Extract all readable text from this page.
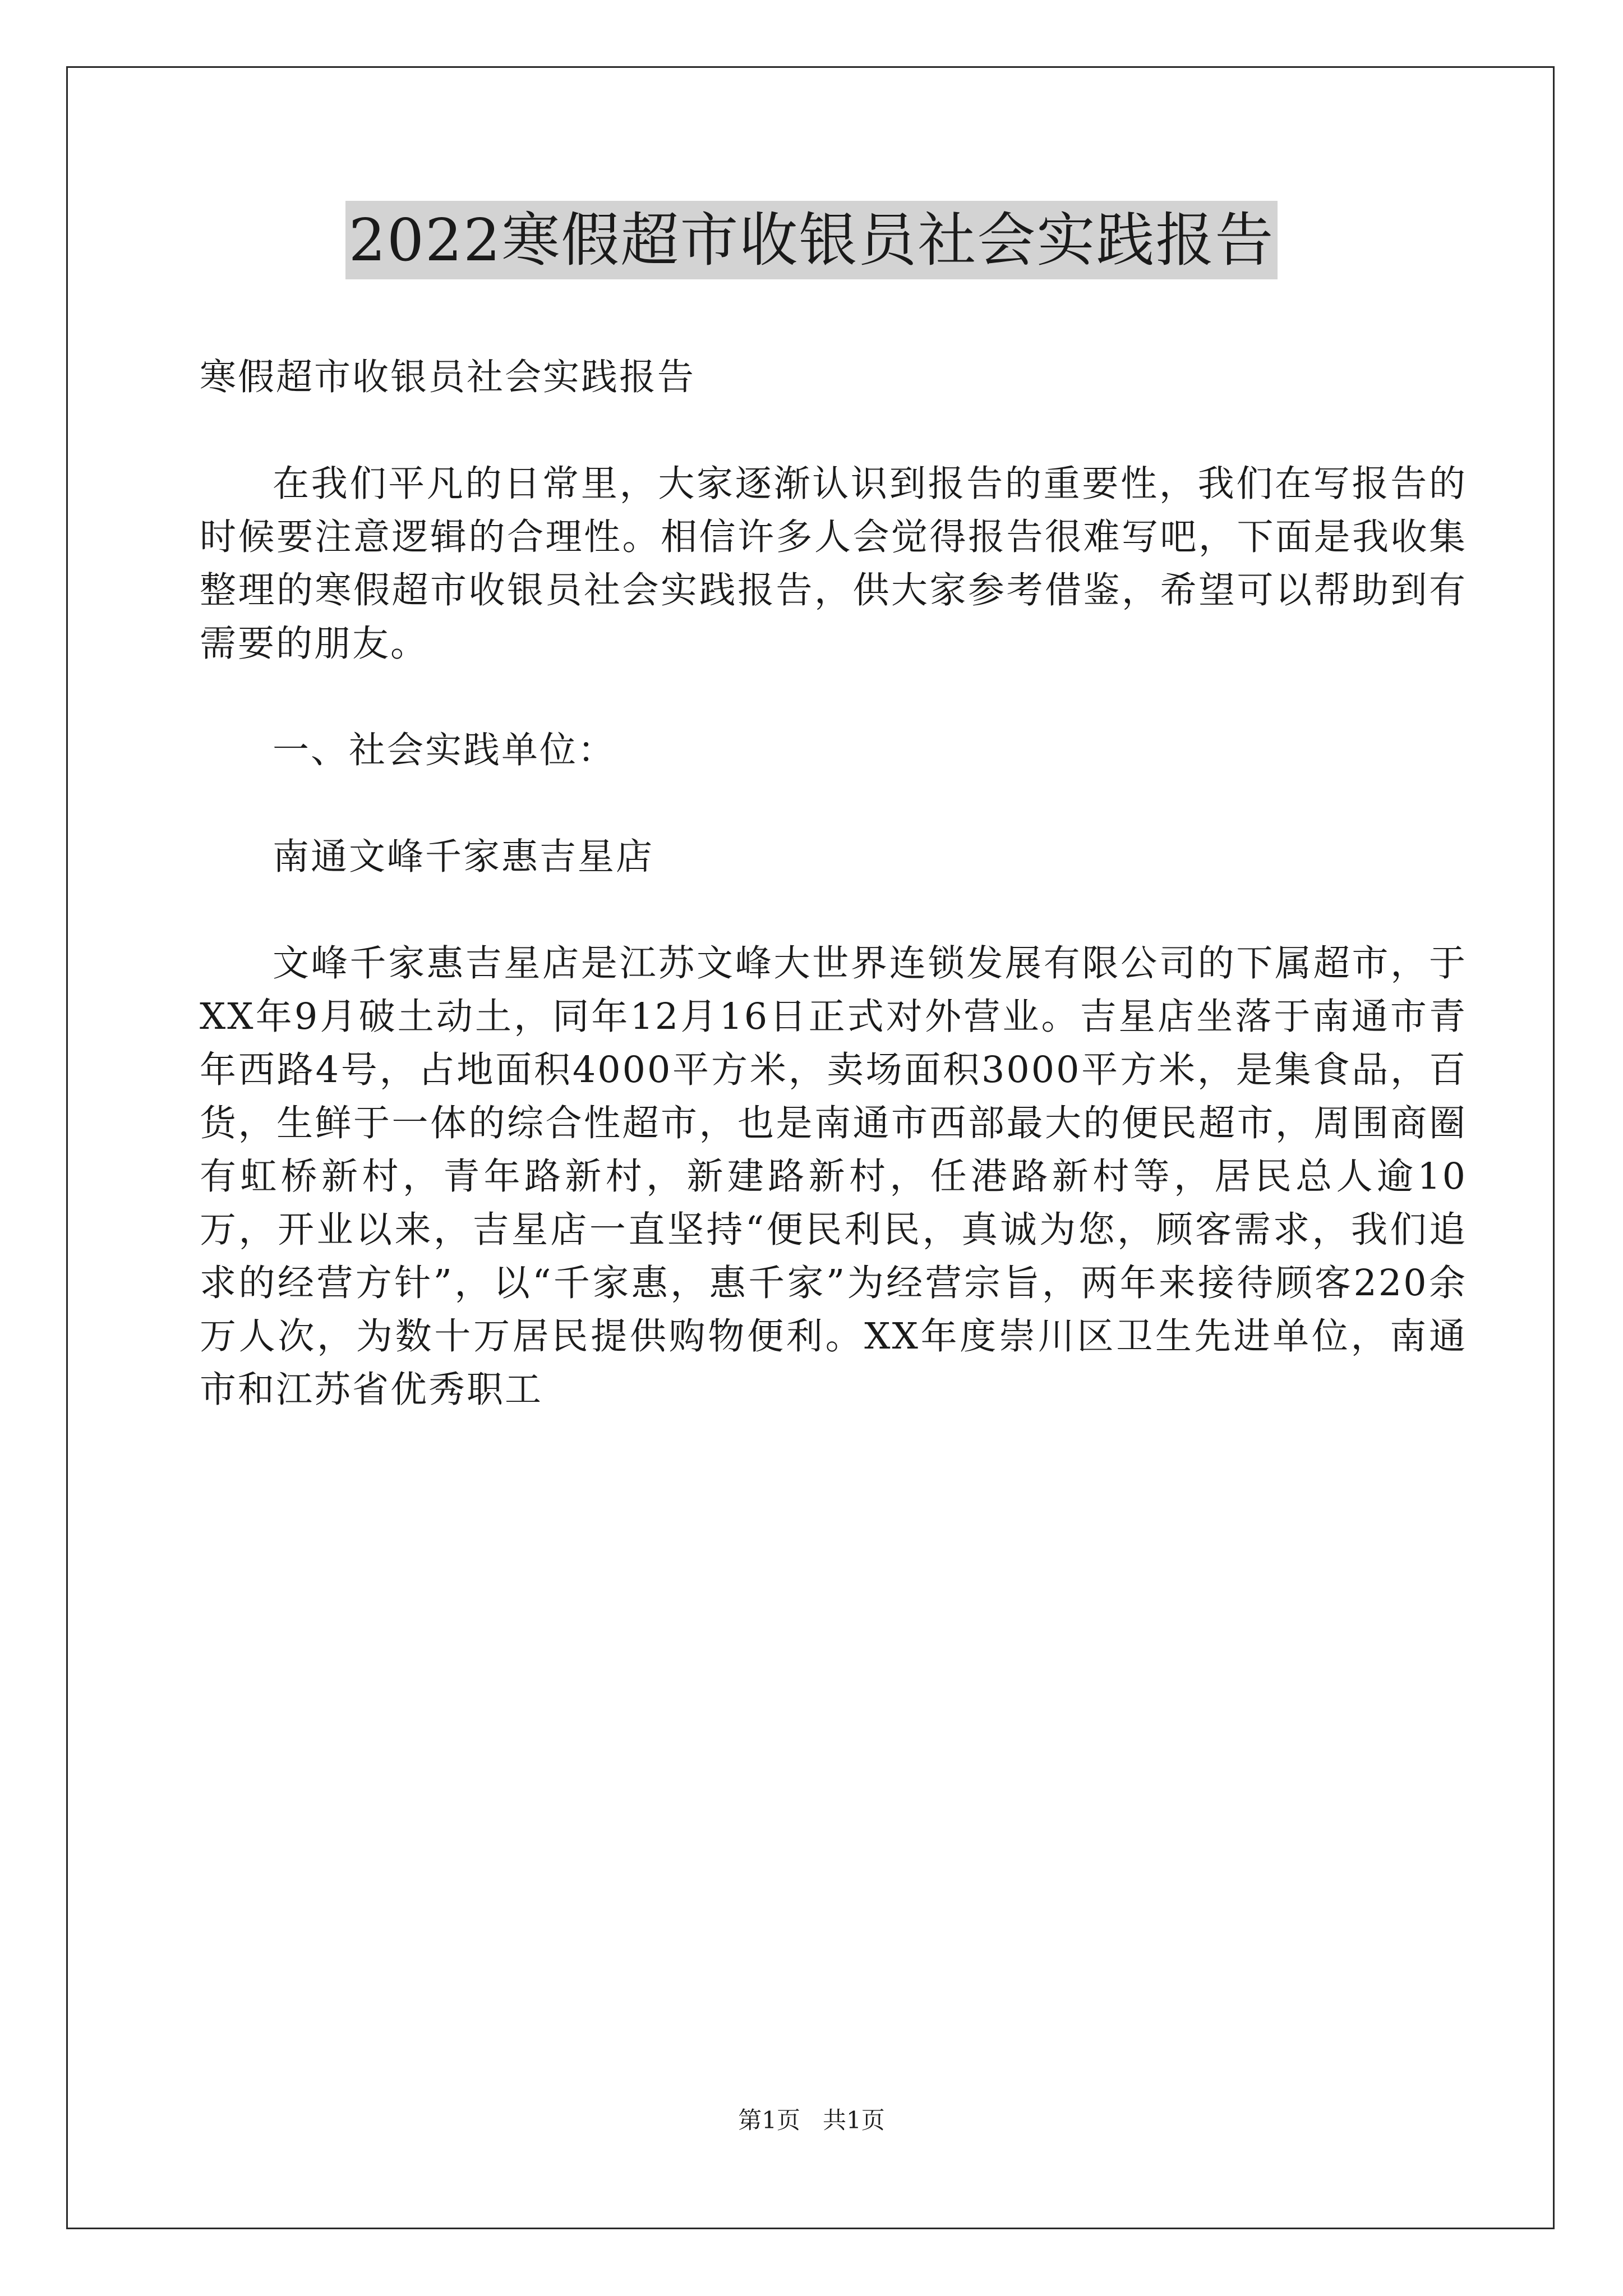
2022寒假超市收银员社会实践报告

寒假超市收银员社会实践报告

在我们平凡的日常里，大家逐渐认识到报告的重要性，我们在写报告的时候要注意逻辑的合理性。相信许多人会觉得报告很难写吧，下面是我收集整理的寒假超市收银员社会实践报告，供大家参考借鉴，希望可以帮助到有需要的朋友。

一、社会实践单位：

南通文峰千家惠吉星店

文峰千家惠吉星店是江苏文峰大世界连锁发展有限公司的下属超市，于XX年9月破土动土，同年12月16日正式对外营业。吉星店坐落于南通市青年西路4号，占地面积4000平方米，卖场面积3000平方米，是集食品，百货，生鲜于一体的综合性超市，也是南通市西部最大的便民超市，周围商圈有虹桥新村，青年路新村，新建路新村，任港路新村等，居民总人逾10万，开业以来，吉星店一直坚持“便民利民，真诚为您，顾客需求，我们追求的经营方针”，以“千家惠，惠千家”为经营宗旨，两年来接待顾客220余万人次，为数十万居民提供购物便利。XX年度崇川区卫生先进单位，南通市和江苏省优秀职工

第1页   共1页
